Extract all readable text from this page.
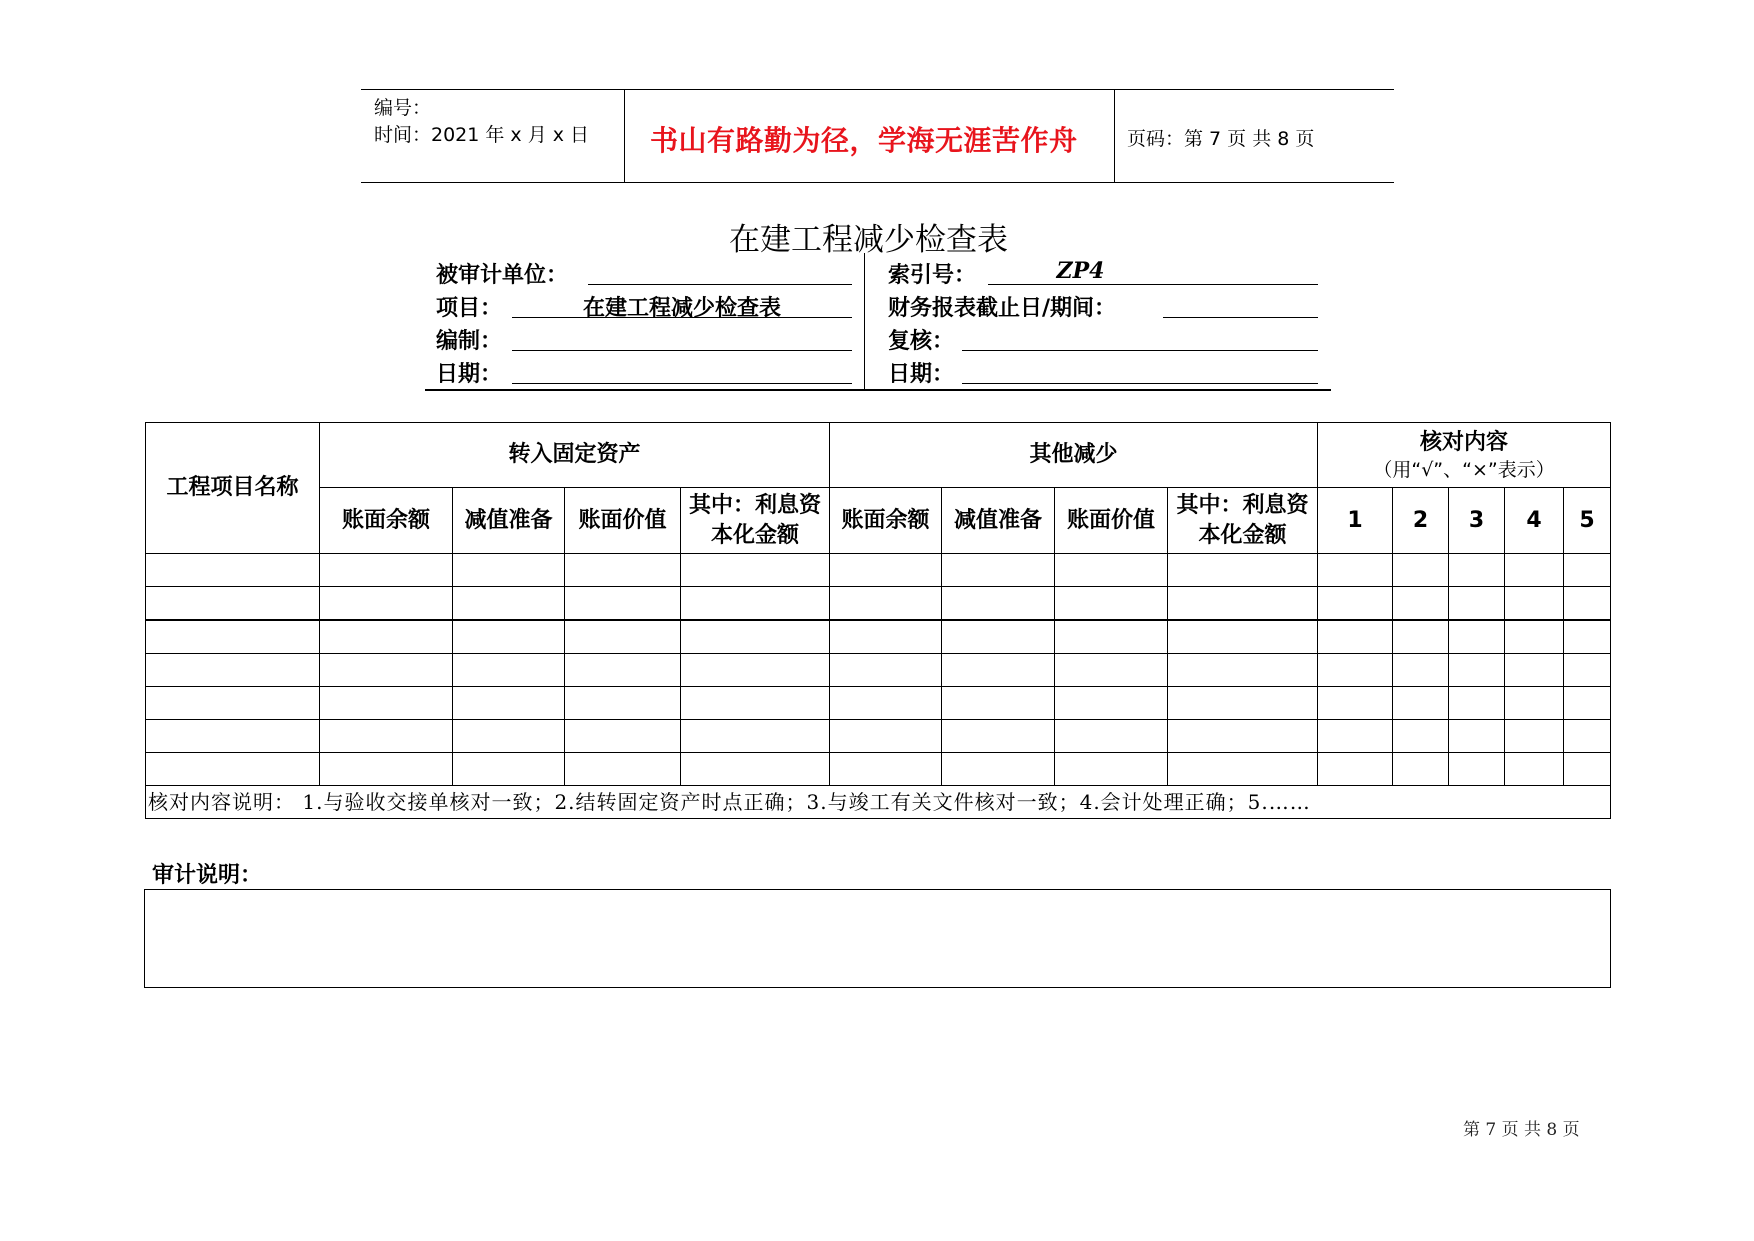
编号：
时间：2021 年 x 月 x 日 书山有路勤为径，学海无涯苦作舟	页码：第 7 页 共 8 页
在建工程减少检查表
被审计单位：
项目：	在建工程减少检查表
编制：
日期：
索引号：	ZP4
财务报表截止日/期间：
复核：
日期：
工程项目名称	转入固定资产				其他减少				核对内容
（用“√”、“×”表示）				

	账面余额	减值准备	账面价值	其中：利息资本化金额	账面余额	减值准备	账面价值	其中：利息资本化金额	1	2	3	4	5

核对内容说明： 1.与验收交接单核对一致；2.结转固定资产时点正确；3.与竣工有关文件核对一致；4.会计处理正确；5.……													
审计说明：
第 7 页 共 8 页
